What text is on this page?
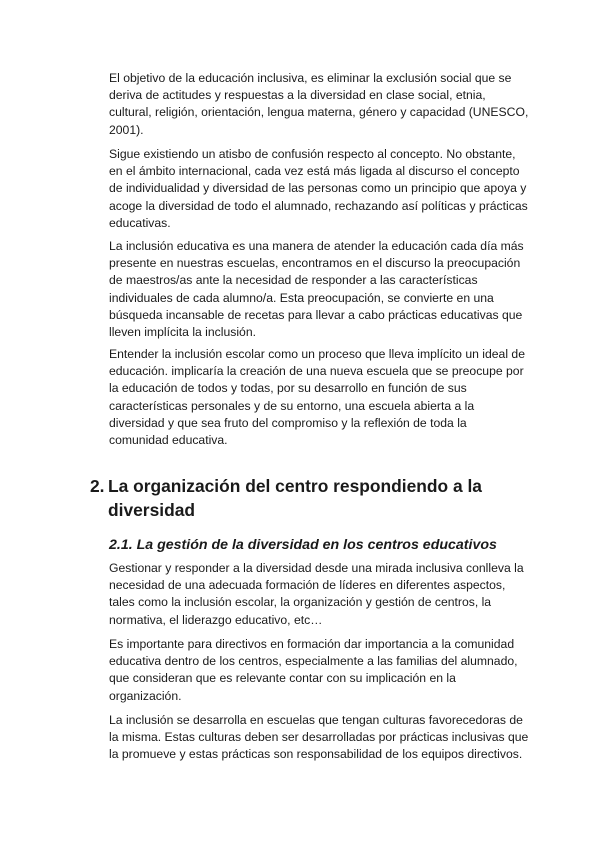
El objetivo de la educación inclusiva, es eliminar la exclusión social que se deriva de actitudes y respuestas a la diversidad en clase social, etnia, cultural, religión, orientación, lengua materna, género y capacidad (UNESCO, 2001).

Sigue existiendo un atisbo de confusión respecto al concepto. No obstante, en el ámbito internacional, cada vez está más ligada al discurso el concepto de individualidad y diversidad de las personas como un principio que apoya y acoge la diversidad de todo el alumnado, rechazando así políticas y prácticas educativas.

La inclusión educativa es una manera de atender la educación cada día más presente en nuestras escuelas, encontramos en el discurso la preocupación de maestros/as ante la necesidad de responder a las características individuales de cada alumno/a. Esta preocupación, se convierte en una búsqueda incansable de recetas para llevar a cabo prácticas educativas que lleven implícita la inclusión.

Entender la inclusión escolar como un proceso que lleva implícito un ideal de educación. implicaría la creación de una nueva escuela que se preocupe por la educación de todos y todas, por su desarrollo en función de sus características personales y de su entorno, una escuela abierta a la diversidad y que sea fruto del compromiso y la reflexión de toda la comunidad educativa.

2. La organización del centro respondiendo a la diversidad
2.1. La gestión de la diversidad en los centros educativos

Gestionar y responder a la diversidad desde una mirada inclusiva conlleva la necesidad de una adecuada formación de líderes en diferentes aspectos, tales como la inclusión escolar, la organización y gestión de centros, la normativa, el liderazgo educativo, etc…

Es importante para directivos en formación dar importancia a la comunidad educativa dentro de los centros, especialmente a las familias del alumnado, que consideran que es relevante contar con su implicación en la organización.

La inclusión se desarrolla en escuelas que tengan culturas favorecedoras de la misma. Estas culturas deben ser desarrolladas por prácticas inclusivas que la promueve y estas prácticas son responsabilidad de los equipos directivos.
